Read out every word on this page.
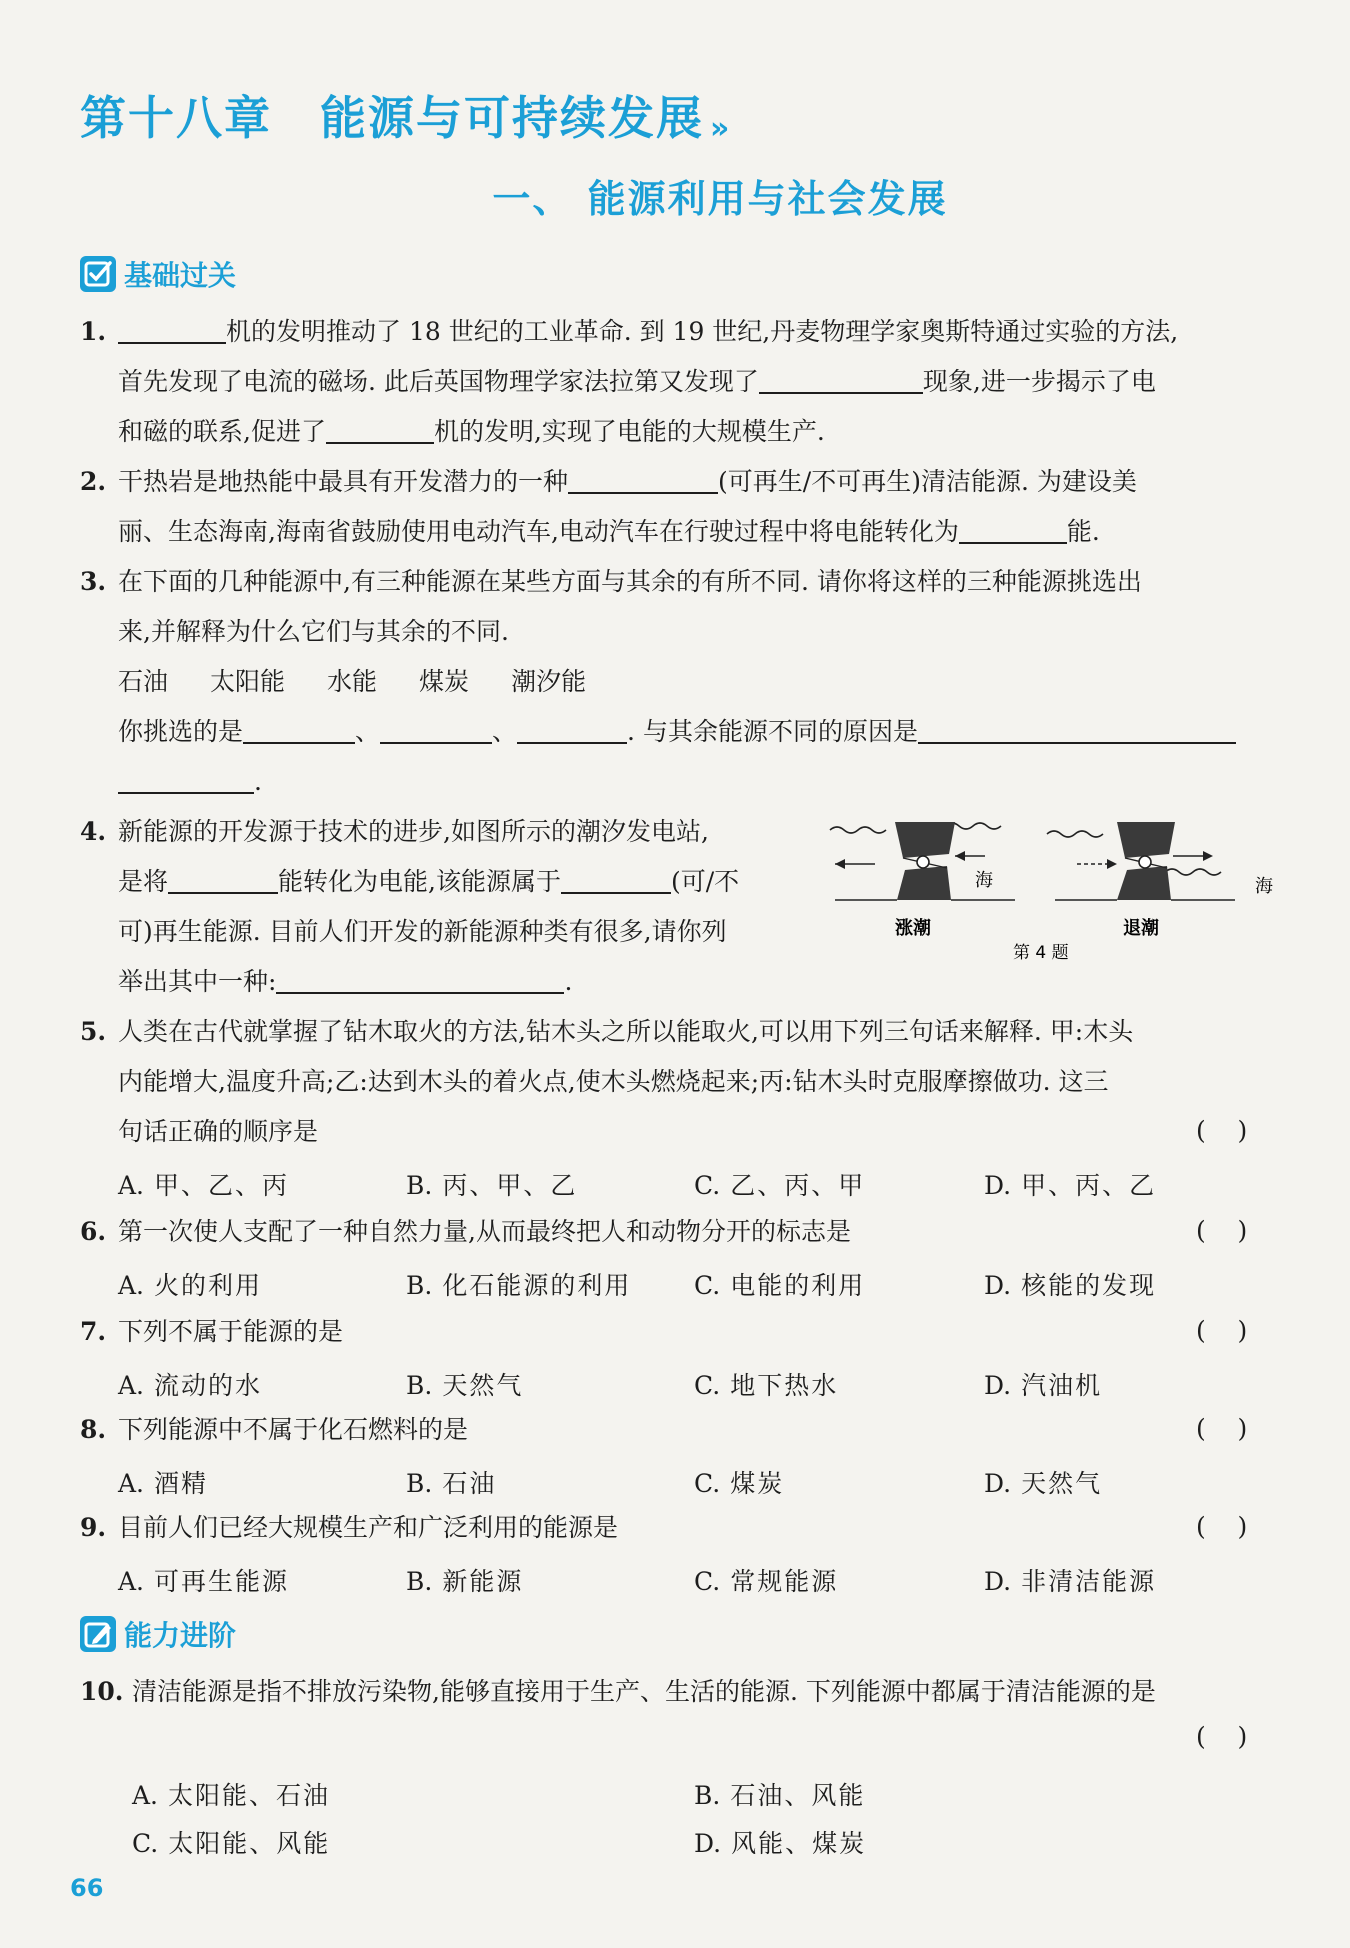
第十八章 能源与可持续发展 »
一、 能源利用与社会发展
基础过关
1.	机的发明推动了 18 世纪的工业革命. 到 19 世纪,丹麦物理学家奥斯特通过实验的方法,
首先发现了电流的磁场. 此后英国物理学家法拉第又发现了	现象,进一步揭示了电
和磁的联系,促进了	机的发明,实现了电能的大规模生产.
2. 干热岩是地热能中最具有开发潜力的一种	(可再生/不可再生)清洁能源. 为建设美
丽、生态海南,海南省鼓励使用电动汽车,电动汽车在行驶过程中将电能转化为	能.
3. 在下面的几种能源中,有三种能源在某些方面与其余的有所不同. 请你将这样的三种能源挑选出
来,并解释为什么它们与其余的不同.
石油 太阳能 水能 煤炭 潮汐能
你挑选的是	、	、	. 与其余能源不同的原因是
.
4. 新能源的开发源于技术的进步,如图所示的潮汐发电站,
是将	能转化为电能,该能源属于	(可/不
可)再生能源. 目前人们开发的新能源种类有很多,请你列
举出其中一种:	.
海
涨潮
海
退潮
第 4 题
5. 人类在古代就掌握了钻木取火的方法,钻木头之所以能取火,可以用下列三句话来解释. 甲:木头
内能增大,温度升高;乙:达到木头的着火点,使木头燃烧起来;丙:钻木头时克服摩擦做功. 这三
句话正确的顺序是	(    )
A. 甲、乙、丙	B. 丙、甲、乙	C. 乙、丙、甲	D. 甲、丙、乙
6. 第一次使人支配了一种自然力量,从而最终把人和动物分开的标志是	(    )
A. 火的利用	B. 化石能源的利用	C. 电能的利用	D. 核能的发现
7. 下列不属于能源的是	(    )
A. 流动的水	B. 天然气	C. 地下热水	D. 汽油机
8. 下列能源中不属于化石燃料的是	(    )
A. 酒精	B. 石油	C. 煤炭	D. 天然气
9. 目前人们已经大规模生产和广泛利用的能源是	(    )
A. 可再生能源	B. 新能源	C. 常规能源	D. 非清洁能源
能力进阶
10. 清洁能源是指不排放污染物,能够直接用于生产、生活的能源. 下列能源中都属于清洁能源的是
(    )
A. 太阳能、石油	B. 石油、风能
C. 太阳能、风能	D. 风能、煤炭
66
